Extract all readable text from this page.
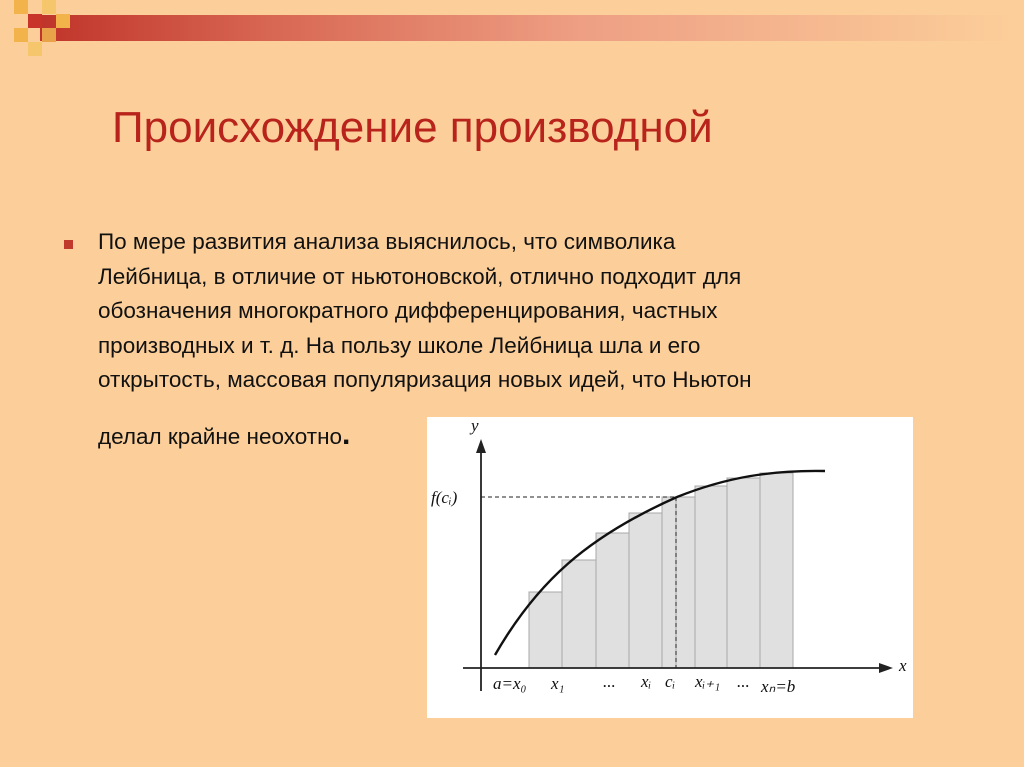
Происхождение производной
По мере развития анализа выяснилось, что символика
Лейбница, в отличие от ньютоновской, отлично подходит для
обозначения многократного дифференцирования, частных
производных и т. д. На пользу школе Лейбница шла и его
открытость, массовая популяризация новых идей, что Ньютон
делал крайне неохотно.	y
x
f(cᵢ)
a=x₀ x₁ ... xᵢ cᵢ xᵢ₊₁ ... xₙ=b
